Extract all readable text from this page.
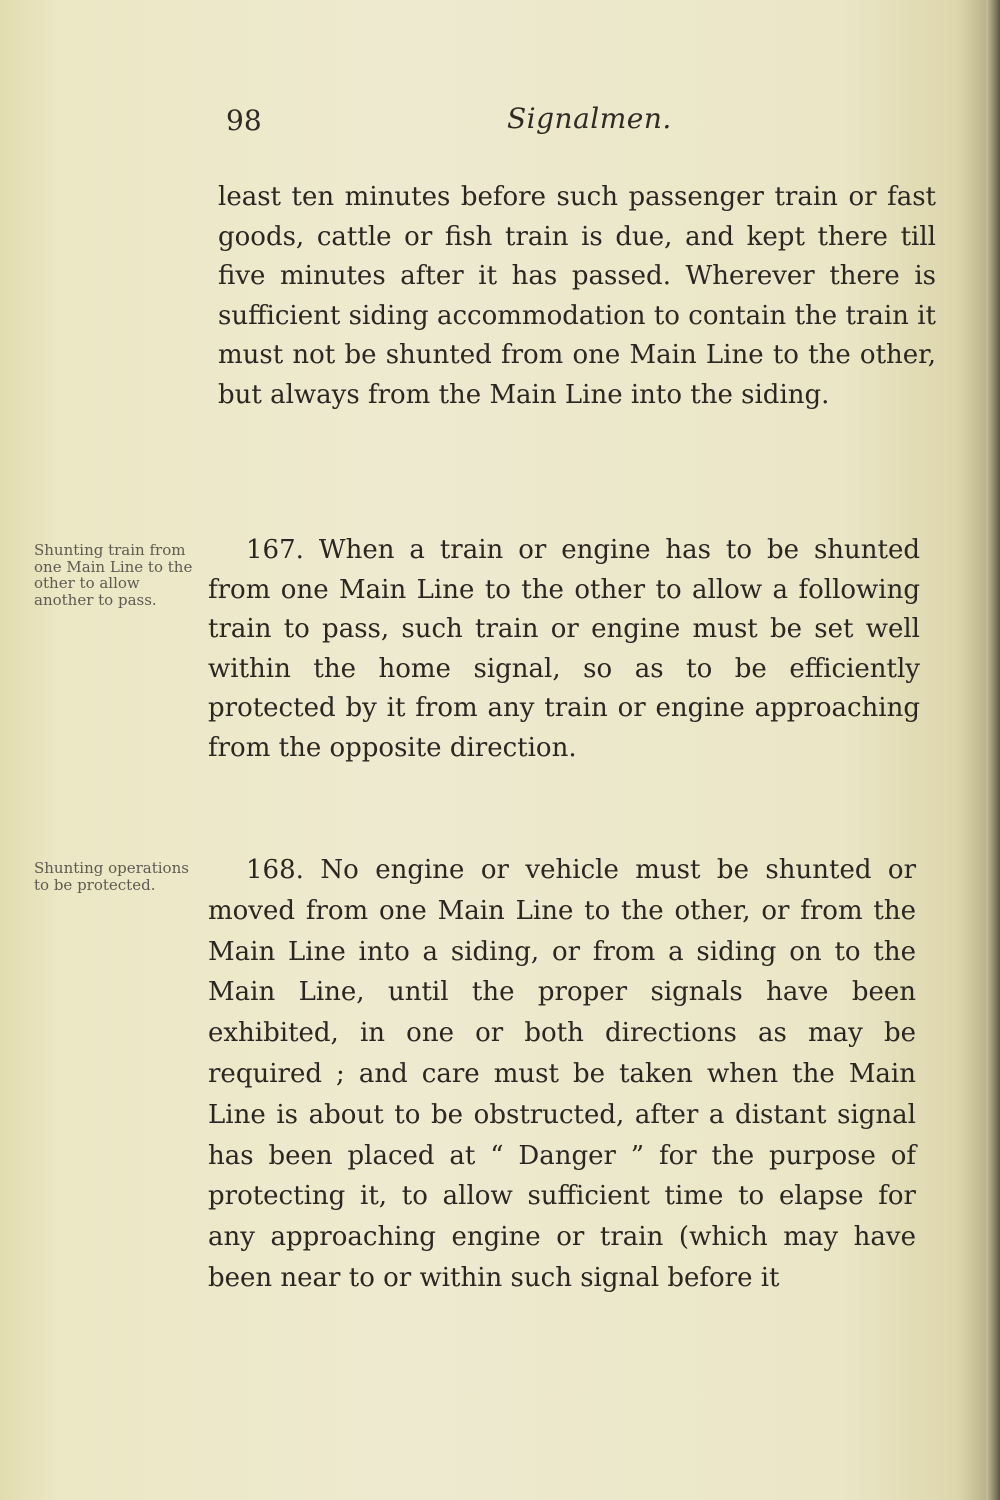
98	Signalmen.

least ten minutes before such passenger train or fast goods, cattle or fish train is due, and kept there till five minutes after it has passed. Wherever there is sufficient siding accommodation to contain the train it must not be shunted from one Main Line to the other, but always from the Main Line into the siding.

Shunting train from one Main Line to the other to allow another to pass.

167. When a train or engine has to be shunted from one Main Line to the other to allow a following train to pass, such train or engine must be set well within the home signal, so as to be efficiently protected by it from any train or engine approaching from the opposite direction.

Shunting operations to be protected.	168. No engine or vehicle must be shunted or moved from one Main Line to the other, or from the Main Line into a siding, or from a siding on to the Main Line, until the proper signals have been exhibited, in one or both directions as may be required ; and care must be taken when the Main Line is about to be obstructed, after a distant signal has been placed at “ Danger ” for the purpose of protecting it, to allow sufficient time to elapse for any approaching engine or train (which may have been near to or within such signal before it
